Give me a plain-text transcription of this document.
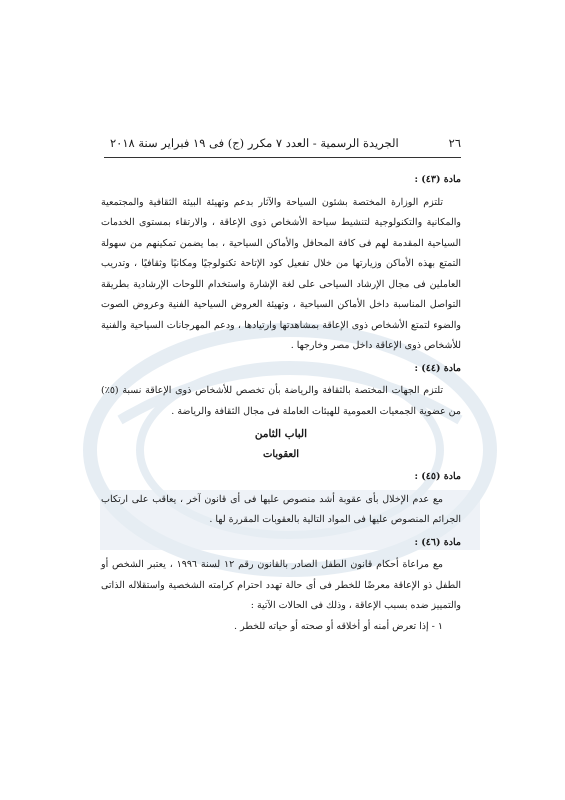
٢٦
الجريدة الرسمية - العدد ٧ مكرر (ج) فى ١٩ فبراير سنة ٢٠١٨
مادة (٤٣) :
تلتزم الوزارة المختصة بشئون السياحة والآثار بدعم وتهيئة البيئة الثقافية والمجتمعية والمكانية والتكنولوجية لتنشيط سياحة الأشخاص ذوى الإعاقة ، والارتقاء بمستوى الخدمات السياحية المقدمة لهم فى كافة المحافل والأماكن السياحية ، بما يضمن تمكينهم من سهولة التمتع بهذه الأماكن وزيارتها من خلال تفعيل كود الإتاحة تكنولوجيًا ومكانيًا وثقافيًا ، وتدريب العاملين فى مجال الإرشاد السياحى على لغة الإشارة واستخدام اللوحات الإرشادية بطريقة التواصل المناسبة داخل الأماكن السياحية ، وتهيئة العروض السياحية الفنية وعروض الصوت والضوء لتمتع الأشخاص ذوى الإعاقة بمشاهدتها وارتيادها ، ودعم المهرجانات السياحية والفنية للأشخاص ذوى الإعاقة داخل مصر وخارجها .
مادة (٤٤) :
تلتزم الجهات المختصة بالثقافة والرياضة بأن تخصص للأشخاص ذوى الإعاقة نسبة (٥٪) من عضوية الجمعيات العمومية للهيئات العاملة فى مجال الثقافة والرياضة .
الباب الثامن
العقوبات
مادة (٤٥) :
مع عدم الإخلال بأى عقوبة أشد منصوص عليها فى أى قانون آخر ، يعاقب على ارتكاب الجرائم المنصوص عليها فى المواد التالية بالعقوبات المقررة لها .
مادة (٤٦) :
مع مراعاة أحكام قانون الطفل الصادر بالقانون رقم ١٢ لسنة ١٩٩٦ ، يعتبر الشخص أو الطفل ذو الإعاقة معرضًا للخطر فى أى حالة تهدد احترام كرامته الشخصية واستقلاله الذاتى والتمييز ضده بسبب الإعاقة ، وذلك فى الحالات الآتية :
١ - إذا تعرض أمنه أو أخلاقه أو صحته أو حياته للخطر .
